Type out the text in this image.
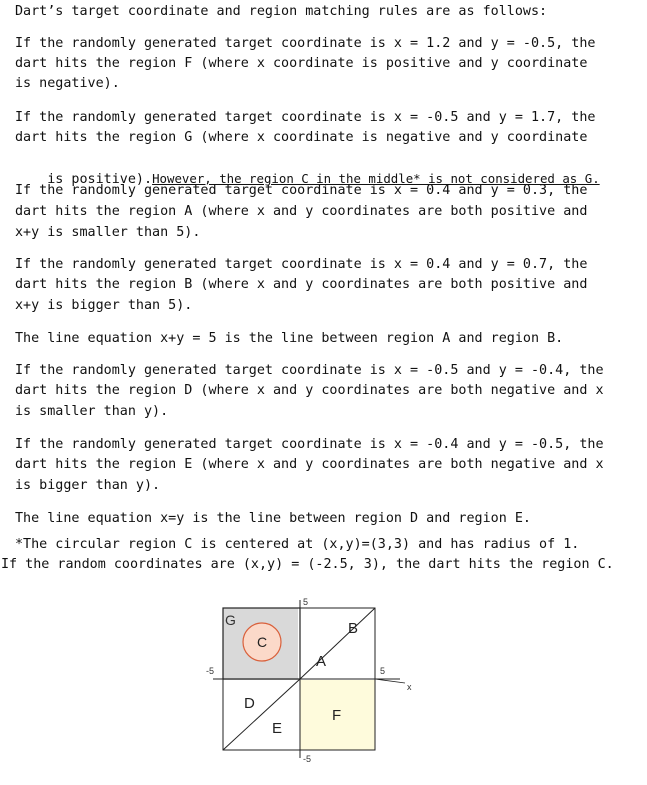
Dart’s target coordinate and region matching rules are as follows:
If the randomly generated target coordinate is x = 1.2 and y = -0.5, the
dart hits the region F (where x coordinate is positive and y coordinate
is negative).
If the randomly generated target coordinate is x = -0.5 and y = 1.7, the
dart hits the region G (where x coordinate is negative and y coordinate

is positive).However, the region C in the middle* is not considered as G.

If the randomly generated target coordinate is x = 0.4 and y = 0.3, the
dart hits the region A (where x and y coordinates are both positive and
x+y is smaller than 5).
If the randomly generated target coordinate is x = 0.4 and y = 0.7, the
dart hits the region B (where x and y coordinates are both positive and
x+y is bigger than 5).
The line equation x+y = 5 is the line between region A and region B.
If the randomly generated target coordinate is x = -0.5 and y = -0.4, the
dart hits the region D (where x and y coordinates are both negative and x
is smaller than y).
If the randomly generated target coordinate is x = -0.4 and y = -0.5, the
dart hits the region E (where x and y coordinates are both negative and x
is bigger than y).
The line equation x=y is the line between region D and region E.
*The circular region C is centered at (x,y)=(3,3) and has radius of 1.
If the random coordinates are (x,y) = (-2.5, 3), the dart hits the region C.
G
C
A
B
D
E
F
5
-5
-5	5
x
